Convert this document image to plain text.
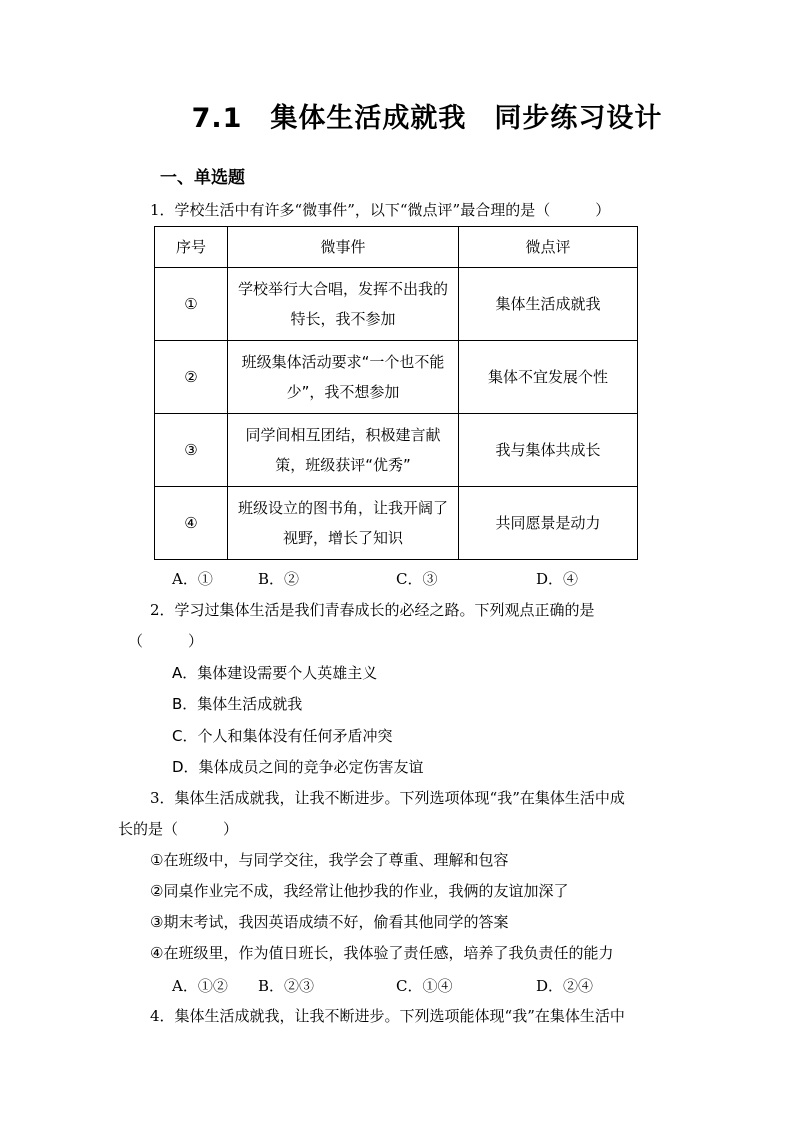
7.1　集体生活成就我　同步练习设计
一、单选题
1．学校生活中有许多“微事件”，以下“微点评”最合理的是（　　　）
序号	微事件	微点评
①	学校举行大合唱，发挥不出我的特长，我不参加	集体生活成就我
②	班级集体活动要求“一个也不能少”，我不想参加	集体不宜发展个性
③	同学间相互团结，积极建言献策，班级获评“优秀”	我与集体共成长
④	班级设立的图书角，让我开阔了视野，增长了知识	共同愿景是动力
A．①	B．②	C．③	D．④
2．学习过集体生活是我们青春成长的必经之路。下列观点正确的是
（　　　）
A．集体建设需要个人英雄主义
B．集体生活成就我
C．个人和集体没有任何矛盾冲突
D．集体成员之间的竞争必定伤害友谊
3．集体生活成就我，让我不断进步。下列选项体现“我”在集体生活中成
长的是（　　　）
①在班级中，与同学交往，我学会了尊重、理解和包容
②同桌作业完不成，我经常让他抄我的作业，我俩的友谊加深了
③期末考试，我因英语成绩不好，偷看其他同学的答案
④在班级里，作为值日班长，我体验了责任感，培养了我负责任的能力
A．①② B．②③	C．①④	D．②④
4．集体生活成就我，让我不断进步。下列选项能体现“我”在集体生活中
